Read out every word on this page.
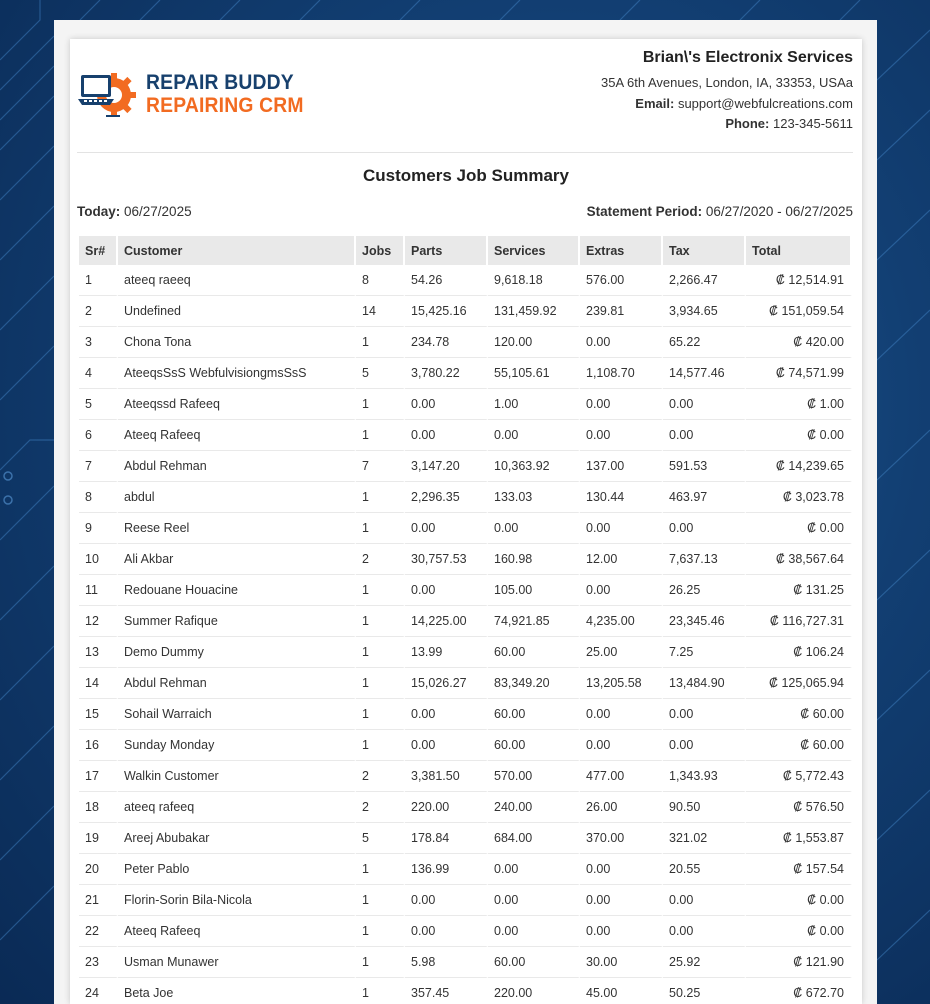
REPAIR BUDDY
REPAIRING CRM
Brian\'s Electronix Services
35A 6th Avenues, London, IA, 33353, USAa
Email: support@webfulcreations.com
Phone: 123-345-5611
Customers Job Summary
Today: 06/27/2025	Statement Period: 06/27/2020 - 06/27/2025
Sr#	Customer	Jobs	Parts	Services	Extras	Tax	Total
1	ateeq raeeq	8	54.26	9,618.18	576.00	2,266.47	₡ 12,514.91
2	Undefined	14	15,425.16	131,459.92	239.81	3,934.65	₡ 151,059.54
3	Chona Tona	1	234.78	120.00	0.00	65.22	₡ 420.00
4	AteeqsSsS WebfulvisiongmsSsS	5	3,780.22	55,105.61	1,108.70	14,577.46	₡ 74,571.99
5	Ateeqssd Rafeeq	1	0.00	1.00	0.00	0.00	₡ 1.00
6	Ateeq Rafeeq	1	0.00	0.00	0.00	0.00	₡ 0.00
7	Abdul Rehman	7	3,147.20	10,363.92	137.00	591.53	₡ 14,239.65
8	abdul	1	2,296.35	133.03	130.44	463.97	₡ 3,023.78
9	Reese Reel	1	0.00	0.00	0.00	0.00	₡ 0.00
10	Ali Akbar	2	30,757.53	160.98	12.00	7,637.13	₡ 38,567.64
11	Redouane Houacine	1	0.00	105.00	0.00	26.25	₡ 131.25
12	Summer Rafique	1	14,225.00	74,921.85	4,235.00	23,345.46	₡ 116,727.31
13	Demo Dummy	1	13.99	60.00	25.00	7.25	₡ 106.24
14	Abdul Rehman	1	15,026.27	83,349.20	13,205.58	13,484.90	₡ 125,065.94
15	Sohail Warraich	1	0.00	60.00	0.00	0.00	₡ 60.00
16	Sunday Monday	1	0.00	60.00	0.00	0.00	₡ 60.00
17	Walkin Customer	2	3,381.50	570.00	477.00	1,343.93	₡ 5,772.43
18	ateeq rafeeq	2	220.00	240.00	26.00	90.50	₡ 576.50
19	Areej Abubakar	5	178.84	684.00	370.00	321.02	₡ 1,553.87
20	Peter Pablo	1	136.99	0.00	0.00	20.55	₡ 157.54
21	Florin-Sorin Bila-Nicola	1	0.00	0.00	0.00	0.00	₡ 0.00
22	Ateeq Rafeeq	1	0.00	0.00	0.00	0.00	₡ 0.00
23	Usman Munawer	1	5.98	60.00	30.00	25.92	₡ 121.90
24	Beta Joe	1	357.45	220.00	45.00	50.25	₡ 672.70
